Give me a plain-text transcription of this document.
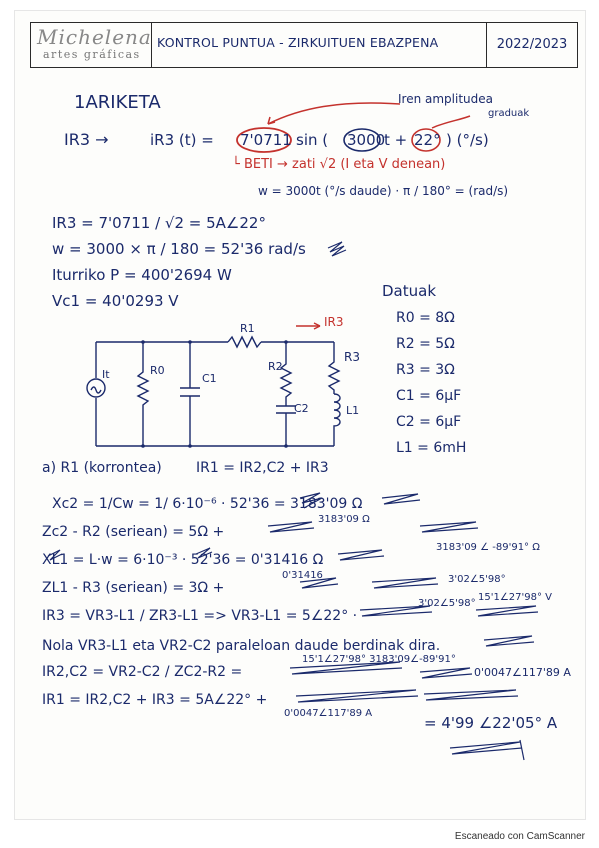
Michelena
artes gráficas
KONTROL PUNTUA - ZIRKUITUEN EBAZPENA	2022/2023
1ARIKETA	Iren amplitudea
graduak
IR3 →	iR3 (t) = 7'0711 sin ( 3000
t + 22° ) (°/s)
└ BETI → zati √2 (I eta V denean)
w = 3000t (°/s daude) · π / 180° = (rad/s)
IR3 = 7'0711 / √2 = 5A∠22°
w = 3000 × π / 180 = 52'36 rad/s
Iturriko P = 400'2694 W
Vc1 = 40'0293 V
R1	IR3
R3
It	R0
C1
R2
C2	L1
Datuak
R0 = 8Ω
R2 = 5Ω
R3 = 3Ω
C1 = 6μF
C2 = 6μF
L1 = 6mH
a) R1 (korrontea) IR1 = IR2,C2 + IR3
Xc2 = 1/Cw = 1/ 6·10⁻⁶ · 52'36 = 3183'09 Ω
3183'09 Ω
Zc2 - R2 (seriean) = 5Ω +
3183'09 ∠ -89'91° Ω
XL1 = L·w = 6·10⁻³ · 52'36 = 0'31416 Ω
0'31416	3'02∠5'98°
ZL1 - R3 (seriean) = 3Ω +
15'1∠27'98° V
3'02∠5'98°
IR3 = VR3-L1 / ZR3-L1 => VR3-L1 = 5∠22° ·
Nola VR3-L1 eta VR2-C2 paraleloan daude berdinak dira.
15'1∠27'98° 3183'09∠-89'91°
IR2,C2 = VR2-C2 / ZC2-R2 =	0'0047∠117'89 A
IR1 = IR2,C2 + IR3 = 5A∠22° +
0'0047∠117'89 A
= 4'99 ∠22'05° A
Escaneado con CamScanner
